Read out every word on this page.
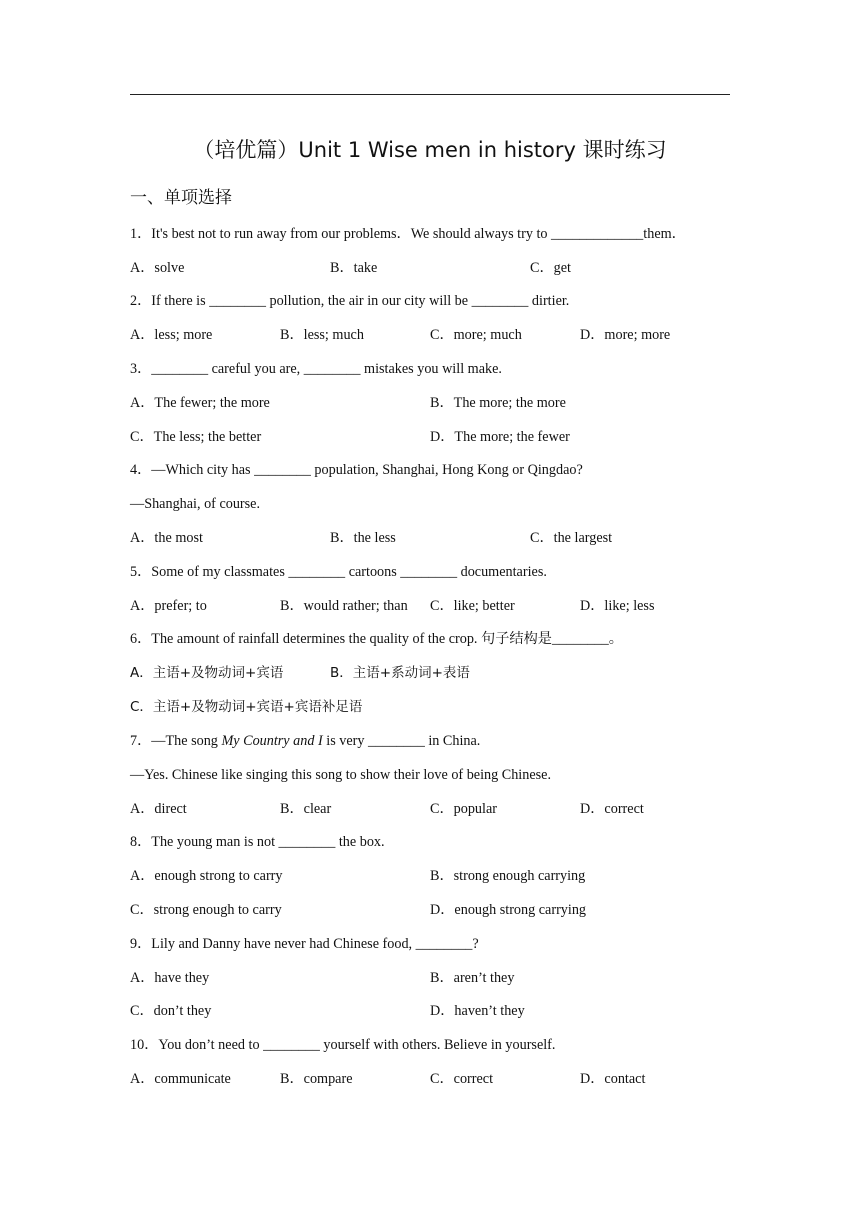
（培优篇）Unit 1 Wise men in history 课时练习
一、单项选择
1．It's best not to run away from our problems．We should always try to _____________them．
A．solve	B．take	C．get
2．If there is ________ pollution, the air in our city will be ________ dirtier.
A．less; more	B．less; much	C．more; much	D．more; more
3．________ careful you are, ________ mistakes you will make.
A．The fewer; the more	B．The more; the more
C．The less; the better	D．The more; the fewer
4．—Which city has ________ population, Shanghai, Hong Kong or Qingdao?
—Shanghai, of course.
A．the most	B．the less	C．the largest
5．Some of my classmates ________ cartoons ________ documentaries.
A．prefer; to	B．would rather; than C．like; better	D．like; less
6．The amount of rainfall determines the quality of the crop. 句子结构是________。
A．主语+及物动词+宾语	B．主语+系动词+表语
C．主语+及物动词+宾语+宾语补足语
7．—The song My Country and I is very ________ in China.
—Yes. Chinese like singing this song to show their love of being Chinese.
A．direct	B．clear	C．popular	D．correct
8．The young man is not ________ the box.
A．enough strong to carry	B．strong enough carrying
C．strong enough to carry	D．enough strong carrying
9．Lily and Danny have never had Chinese food, ________?
A．have they	B．aren’t they
C．don’t they	D．haven’t they
10．You don’t need to ________ yourself with others. Believe in yourself.
A．communicate	B．compare	C．correct	D．contact
